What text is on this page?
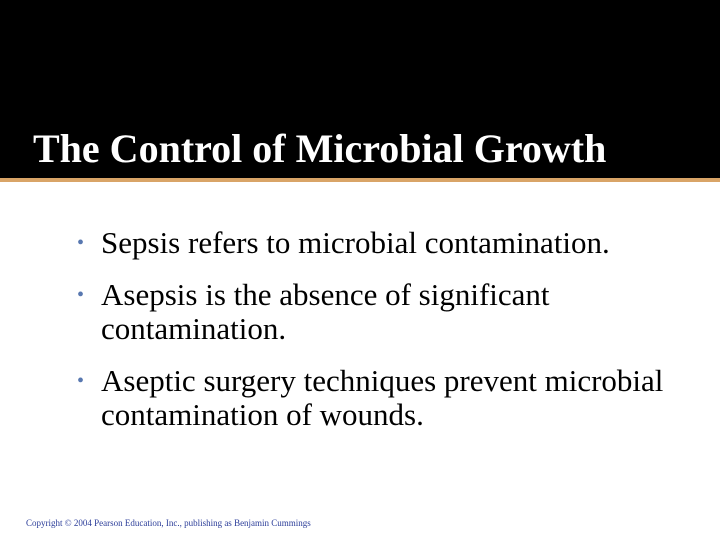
The Control of Microbial Growth
• Sepsis refers to microbial contamination.
• Asepsis is the absence of significant contamination.
• Aseptic surgery techniques prevent microbial contamination of wounds.
Copyright © 2004 Pearson Education, Inc., publishing as Benjamin Cummings
